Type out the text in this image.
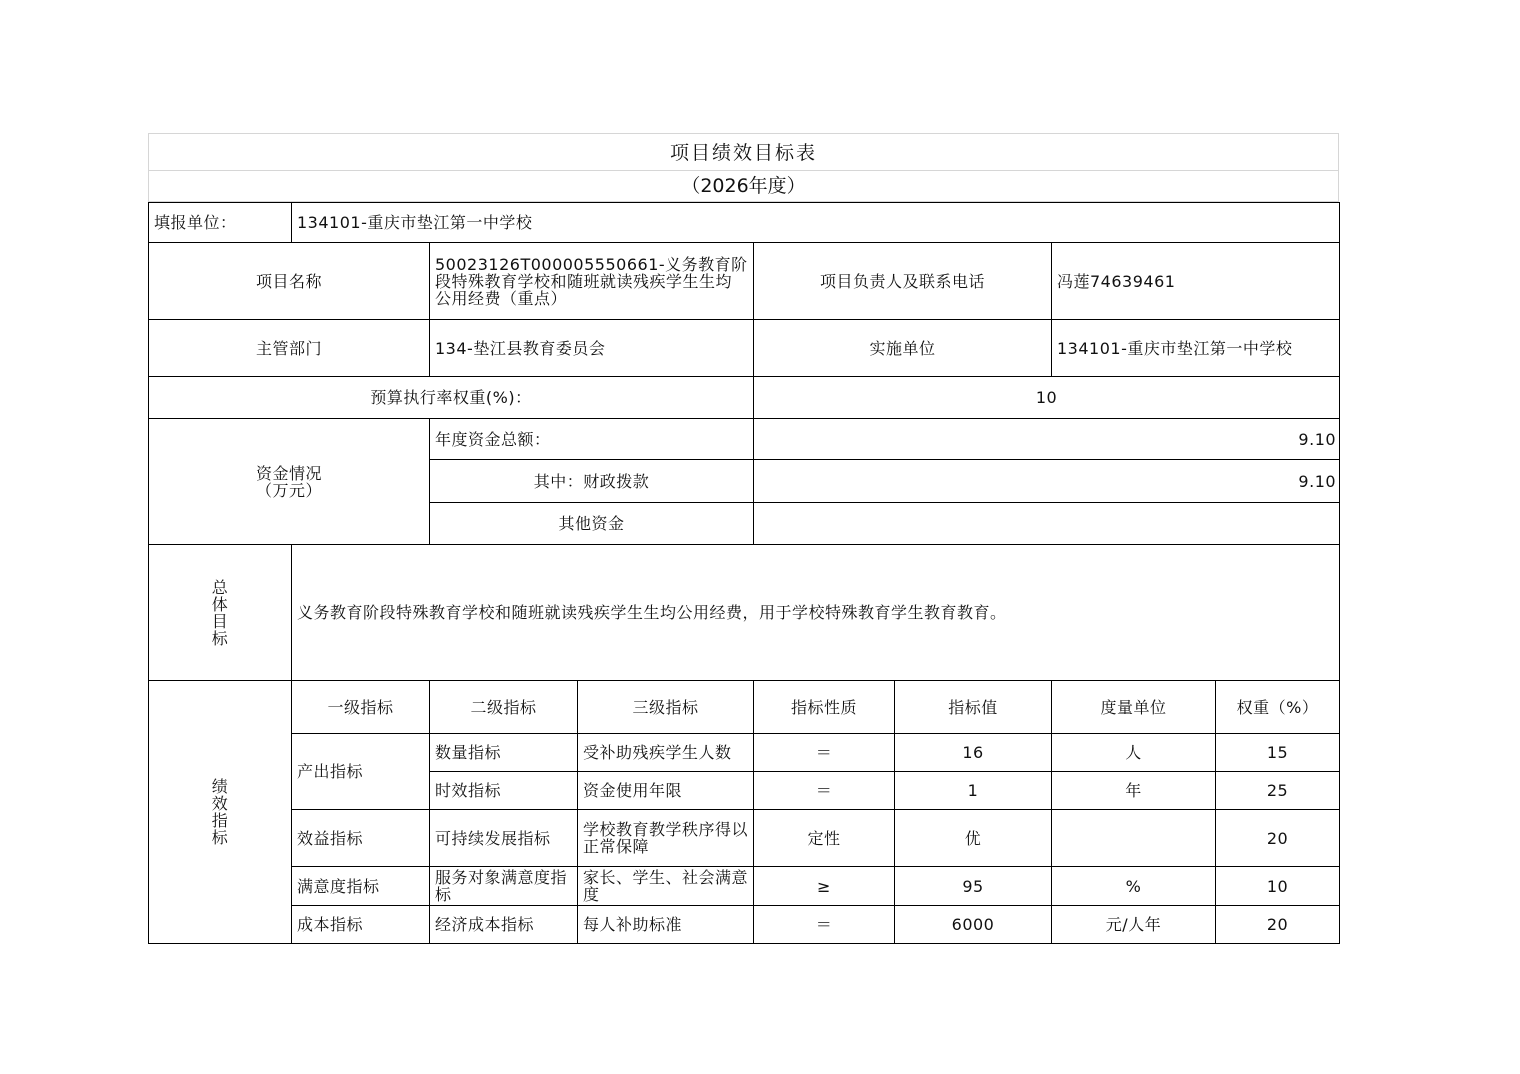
项目绩效目标表
（2026年度）
填报单位：	134101-重庆市垫江第一中学校						
项目名称		50023126T000005550661-义务教育阶段特殊教育学校和随班就读残疾学生生均公用经费（重点）		项目负责人及联系电话		冯莲74639461	
主管部门		134-垫江县教育委员会		实施单位		134101-重庆市垫江第一中学校	
预算执行率权重(%)：				10			

资金情况
（万元）		年度资金总额：		9.10			
		其中：财政拨款		9.10			
		其他资金					

总
体
目
标	义务教育阶段特殊教育学校和随班就读残疾学生生均公用经费，用于学校特殊教育学生教育教育。						

绩
效
指
标	一级指标	二级指标	三级指标	指标性质	指标值	度量单位	权重（%）
	产出指标	数量指标	受补助残疾学生人数	＝	16	人	15
		时效指标	资金使用年限	＝	1	年	25
	效益指标	可持续发展指标	学校教育教学秩序得以正常保障	定性	优		20
	满意度指标	服务对象满意度指标	家长、学生、社会满意度	≥	95	%	10
	成本指标	经济成本指标	每人补助标准	＝	6000	元/人年	20
